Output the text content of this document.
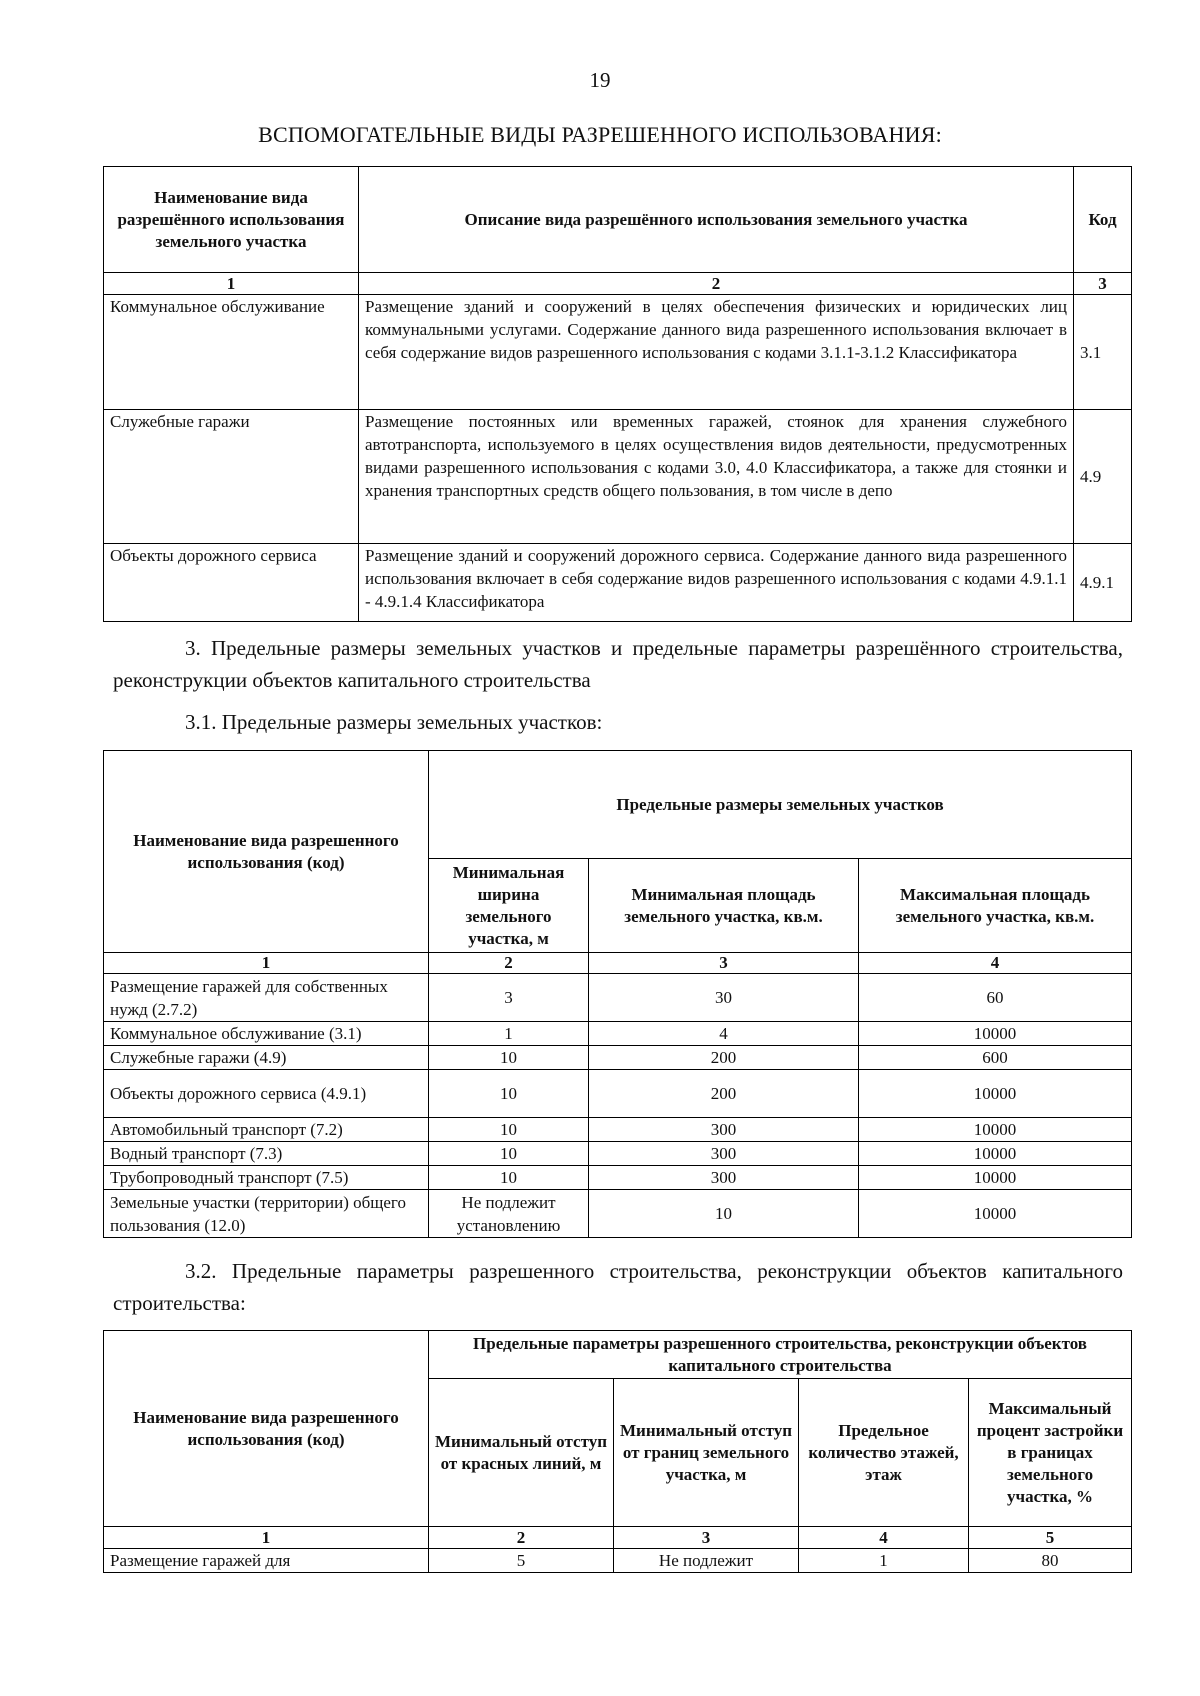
19
ВСПОМОГАТЕЛЬНЫЕ ВИДЫ РАЗРЕШЕННОГО ИСПОЛЬЗОВАНИЯ:
Наименование вида разрешённого использования земельного участка	Описание вида разрешённого использования земельного участка	Код
1	2	3
Коммунальное обслуживание	Размещение зданий и сооружений в целях обеспечения физических и юридических лиц коммунальными услугами. Содержание данного вида разрешенного использования включает в себя содержание видов разрешенного использования с кодами 3.1.1-3.1.2 Классификатора	3.1
Служебные гаражи	Размещение постоянных или временных гаражей, стоянок для хранения служебного автотранспорта, используемого в целях осуществления видов деятельности, предусмотренных видами разрешенного использования с кодами 3.0, 4.0 Классификатора, а также для стоянки и хранения транспортных средств общего пользования, в том числе в депо	4.9
Объекты дорожного сервиса	Размещение зданий и сооружений дорожного сервиса. Содержание данного вида разрешенного использования включает в себя содержание видов разрешенного использования с кодами 4.9.1.1 - 4.9.1.4 Классификатора	4.9.1
3. Предельные размеры земельных участков и предельные параметры разрешённого строительства, реконструкции объектов капитального строительства
3.1. Предельные размеры земельных участков:
Наименование вида разрешенного использования (код)	Предельные размеры земельных участков		
	Минимальная ширина земельного участка, м	Минимальная площадь земельного участка, кв.м.	Максимальная площадь земельного участка, кв.м.
1	2	3	4
Размещение гаражей для собственных нужд (2.7.2)	3	30	60
Коммунальное обслуживание (3.1)	1	4	10000
Служебные гаражи (4.9)	10	200	600
Объекты дорожного сервиса (4.9.1)	10	200	10000
Автомобильный транспорт (7.2)	10	300	10000
Водный транспорт (7.3)	10	300	10000
Трубопроводный транспорт (7.5)	10	300	10000
Земельные участки (территории) общего пользования (12.0)	Не подлежит установлению	10	10000
3.2. Предельные параметры разрешенного строительства, реконструкции объектов капитального строительства:
Наименование вида разрешенного использования (код)	Предельные параметры разрешенного строительства, реконструкции объектов капитального строительства			
	Минимальный отступ от красных линий, м	Минимальный отступ от границ земельного участка, м	Предельное количество этажей, этаж	Максимальный процент застройки в границах земельного участка, %
1	2	3	4	5
Размещение гаражей для	5	Не подлежит	1	80
